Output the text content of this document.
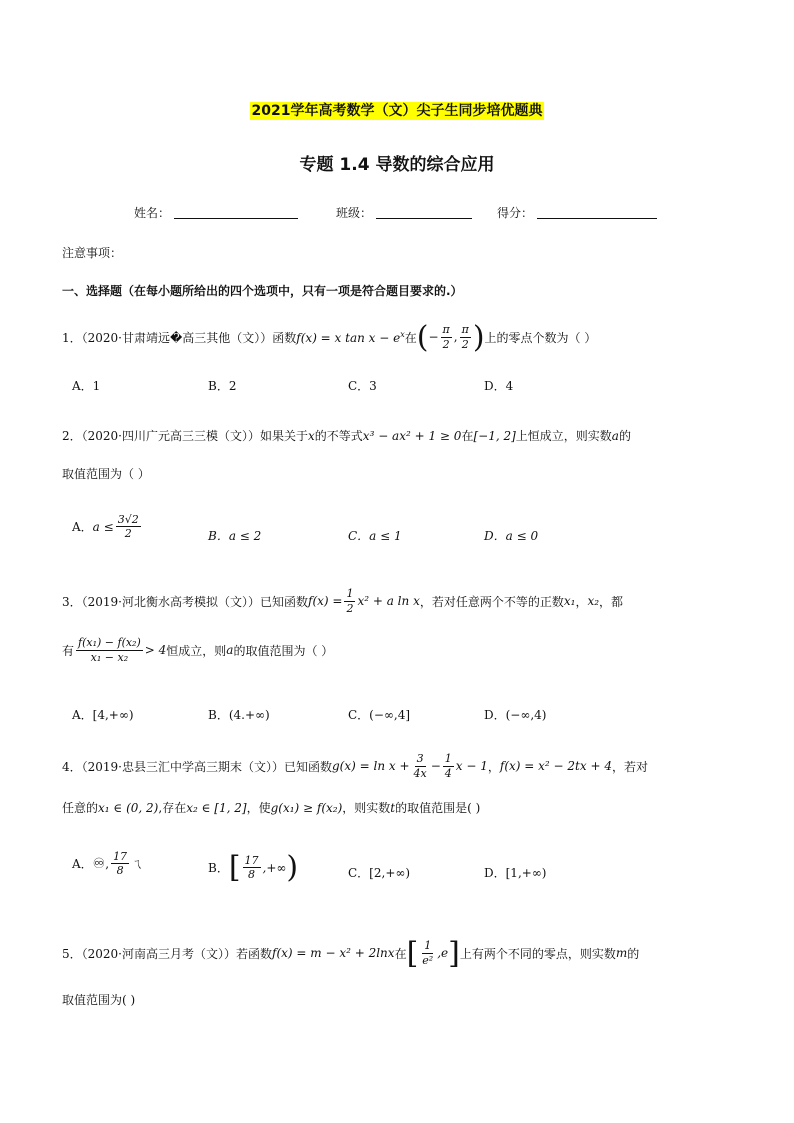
2021学年高考数学（文）尖子生同步培优题典
专题 1.4 导数的综合应用
姓名：	班级：	得分：
注意事项：
一、选择题（在每小题所给出的四个选项中，只有一项是符合题目要求的.）
1．（2020·甘肃靖远�高三其他（文））函数 f(x) = x $\tan x - e^x$ 在 ( − $\frac{\pi}{2}$ , $\frac{\pi}{2}$ ) 上的零点个数为（ ）
A．1	B．2	C．3	D．4
2．（2020·四川广元高三三模（文））如果关于x的不等式x³ − ax² + 1 ≥ 0在[−1, 2]上恒成立，则实数a的
取值范围为（ ）
A． $a \le \frac{3√2}{2}$	B．a ≤ 2	C．a ≤ 1	D．a ≤ 0
3．（2019·河北衡水高考模拟（文））已知函数 $f(x) = \frac{1}{2} x^2 + a$ ln x ，若对任意两个不等的正数 x₁ ， x₂ ，都
有 $\frac{\text{f(x₁) − f(x₂)}}{\text{x₁ − x₂}} > 4$ 恒成立，则 a 的取值范围为（ ）
A．[4,+∞)	B．(4.+∞)	C．(−∞,4]	D．(−∞,4)
4．（2019·忠县三汇中学高三期末（文））已知函数 $g(x) = \ln x + \frac{3}{4x} - \frac{1}{4}$ x − 1 ， f(x) = x² − 2tx + 4 ，若对
任意的x₁ ∈ (0, 2),存在x₂ ∈ [1, 2]，使g(x₁) ≥ f(x₂)，则实数t的取值范围是( )
A． ♾ , $\frac{17}{8}$ ㄟ	B． [ $\frac{17}{8}$ ,+∞ )	C．[2,+∞)	D．[1,+∞)
5．（2020·河南高三月考（文））若函数 f(x) = m − x² + 2lnx 在 [ $\frac{1}{\text{e²}} ,e$ ] 上有两个不同的零点，则实数 m 的
取值范围为( )
